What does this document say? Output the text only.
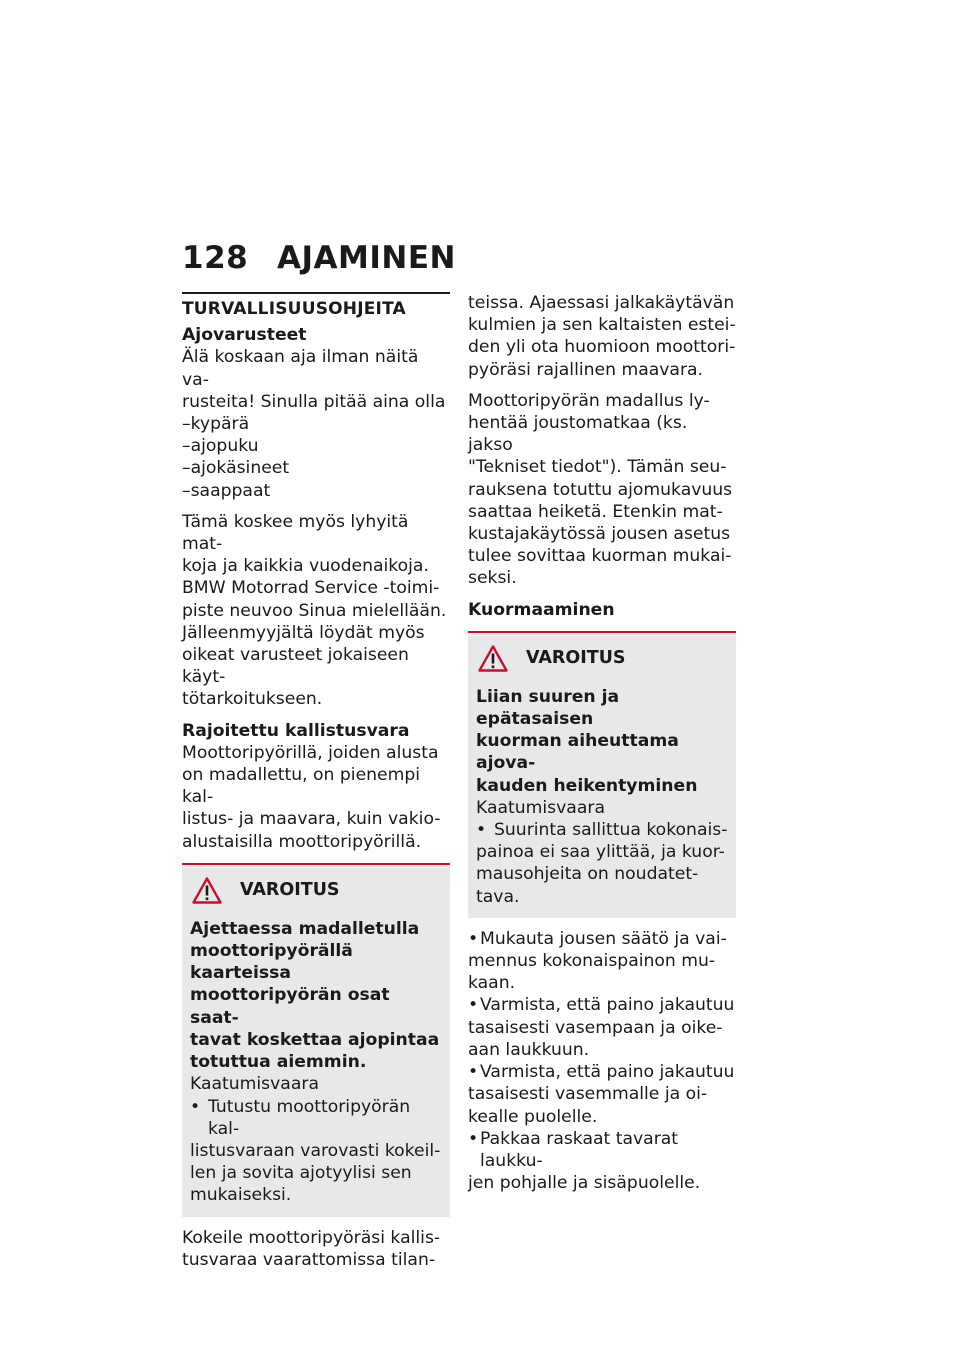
128 AJAMINEN
TURVALLISUUSOHJEITA
Ajovarusteet
Älä koskaan aja ilman näitä va-
rusteita! Sinulla pitää aina olla
–kypärä
–ajopuku
–ajokäsineet
–saappaat
Tämä koskee myös lyhyitä mat-
koja ja kaikkia vuodenaikoja.
BMW Motorrad Service -toimi-
piste neuvoo Sinua mielellään.
Jälleenmyyjältä löydät myös
oikeat varusteet jokaiseen käyt-
tötarkoitukseen.
Rajoitettu kallistusvara
Moottoripyörillä, joiden alusta
on madallettu, on pienempi kal-
listus- ja maavara, kuin vakio-
alustaisilla moottoripyörillä.
VAROITUS
Ajettaessa madalletulla
moottoripyörällä kaarteissa
moottoripyörän osat saat-
tavat koskettaa ajopintaa
totuttua aiemmin.
Kaatumisvaara
• Tutustu moottoripyörän kal-
listusvaraan varovasti kokeil-
len ja sovita ajotyylisi sen
mukaiseksi.
Kokeile moottoripyöräsi kallis-
tusvaraa vaarattomissa tilan-
teissa. Ajaessasi jalkakäytävän
kulmien ja sen kaltaisten estei-
den yli ota huomioon moottori-
pyöräsi rajallinen maavara.
Moottoripyörän madallus ly-
hentää joustomatkaa (ks. jakso
"Tekniset tiedot"). Tämän seu-
rauksena totuttu ajomukavuus
saattaa heiketä. Etenkin mat-
kustajakäytössä jousen asetus
tulee sovittaa kuorman mukai-
seksi.
Kuormaaminen
VAROITUS
Liian suuren ja epätasaisen
kuorman aiheuttama ajova-
kauden heikentyminen
Kaatumisvaara
• Suurinta sallittua kokonais-
painoa ei saa ylittää, ja kuor-
mausohjeita on noudatet-
tava.
• Mukauta jousen säätö ja vai-
mennus kokonaispainon mu-
kaan.
• Varmista, että paino jakautuu
tasaisesti vasempaan ja oike-
aan laukkuun.
• Varmista, että paino jakautuu
tasaisesti vasemmalle ja oi-
kealle puolelle.
• Pakkaa raskaat tavarat laukku-
jen pohjalle ja sisäpuolelle.
